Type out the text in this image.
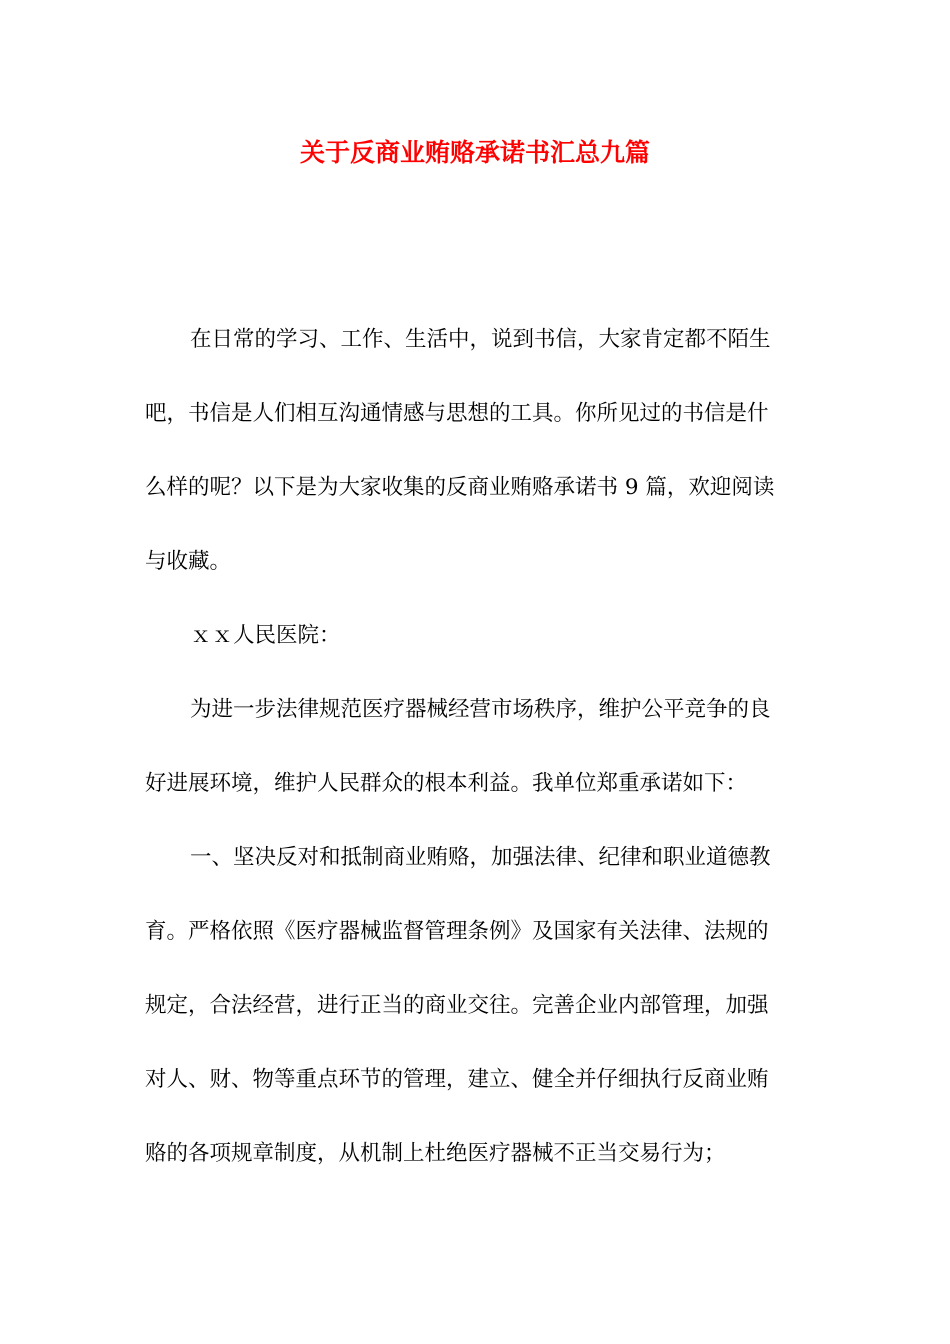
关于反商业贿赂承诺书汇总九篇
在日常的学习、工作、生活中，说到书信，大家肯定都不陌生
吧，书信是人们相互沟通情感与思想的工具。你所见过的书信是什
么样的呢？以下是为大家收集的反商业贿赂承诺书 9 篇，欢迎阅读
与收藏。
ｘｘ人民医院：
为进一步法律规范医疗器械经营市场秩序，维护公平竞争的良
好进展环境，维护人民群众的根本利益。我单位郑重承诺如下：
一、坚决反对和抵制商业贿赂，加强法律、纪律和职业道德教
育。严格依照《医疗器械监督管理条例》及国家有关法律、法规的
规定，合法经营，进行正当的商业交往。完善企业内部管理，加强
对人、财、物等重点环节的管理，建立、健全并仔细执行反商业贿
赂的各项规章制度，从机制上杜绝医疗器械不正当交易行为；
